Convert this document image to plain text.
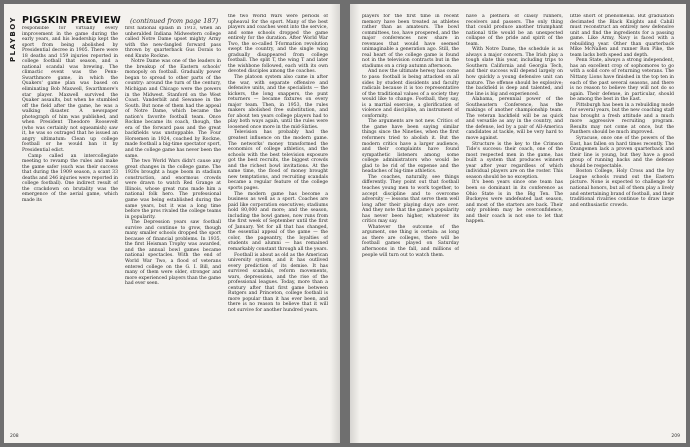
PLAYBOY PIGSKIN PREVIEW (continued from page 187)

responsible for virtually every improvement in the game during the early years, and his leadership kept the sport from being abolished by Presidential decree in 1905. There were 18 deaths and 159 injuries reported in college football that season, and a national scandal was brewing. The climactic event was the Penn-Swarthmore game, in which the Quakers' game plan was based on eliminating Bob Maxwell, Swarthmore's star player. Maxwell survived the Quaker assaults, but when he stumbled off the field after the game, he was a walking disaster. A newspaper photograph of him was published, and when President Theodore Roosevelt (who was certainly not squeamish) saw it, he was so outraged that he issued an angry ultimatum: Clean up college football or he would ban it by Presidential edict.

Camp called an intercollegiate meeting to revamp the rules and make the game safer (such was their success that during the 1909 season, a scant 33 deaths and 246 injuries were reported in college football). One indirect result of the crackdown on brutality was the emergence of the aerial game, which made its

first national splash in 1913, when an unheralded Indiana Midwestern college called Notre Dame upset mighty Army with the new-fangled forward pass thrown by quarterback Gus Dorais to end Knute Rockne.

Notre Dame was one of the leaders in the breakup of the Eastern schools' monopoly on football. Gradually power began to spread to other parts of the country: around the turn of the century, Michigan and Chicago were the powers in the Midwest. Stanford on the West Coast. Vanderbilt and Sewanee in the South. But none of them had the appeal of Notre Dame, which became the nation's favorite football team. Once Rockne became its coach, though, the era of the forward pass and the great backfields was unstoppable. The Four Horsemen in 1924, coached by Rockne, made football a big-time spectator sport, and the college game has never been the same.

The two World Wars didn't cause any great changes in the college game. The 1920s brought a huge boom in stadium construction, and enormous crowds were drawn to watch Red Grange at Illinois, whose great runs made him a national folk hero. The professional game was being established during the same years, but it was a long time before the pros rivaled the college teams in popularity.

The Depression years saw football survive and continue to grow, though many smaller schools dropped the sport because of financial problems. In 1935, the first Heisman Trophy was awarded, and the annual bowl games became national spectacles. With the end of World War Two, a flood of veterans entered college on the G. I. Bill, and many of them were older, stronger and more experienced players than the game had ever seen.

the two World Wars were periods of upheaval for the sport. Many of the best players and coaches went into the service, and some schools dropped the game entirely for the duration. After World War Two, the so-called T-formation revolution swept the country, and the single wing gradually disappeared from college football. The split T, the wing T and later the wishbone followed, each with its own devoted disciples among the coaches.

The platoon system also came in after the war, with separate offensive and defensive units, and the specialists — the kickers, the long snappers, the punt returners — became fixtures on every major team. Then, in 1953, the rules makers abolished free substitution, and for about ten years college players had to play both ways again, until the rules were loosened once more in the mid-Sixties.

Television has probably had the greatest influence on the modern game. The networks' money transformed the economics of college athletics, and the schools with the best television exposure got the best recruits, the biggest crowds and the richest bowl invitations. At the same time, the flood of money brought new temptations, and recruiting scandals became a regular feature of the college sports pages.

The modern game has become a business as well as a sport. Coaches are paid like corporation executives; stadiums hold 80,000 and more; and the season, including the bowl games, now runs from the first week of September until the first of January. Yet for all that has changed, the essential appeal of the game — the color, the pageantry, the loyalties of students and alumni — has remained remarkably constant through all the years.

Football is about as old as the American university system, and it has outlived every prediction of its demise. It has survived scandals, reform movements, wars, depressions, and the rise of the professional leagues. Today, more than a century after that first game between Rutgers and Princeton, college football is more popular than it has ever been, and there is no reason to believe that it will not survive for another hundred years.

208

players for the first time in recent memory have been treated as athletes rather than as amateurs. The bowl committees, too, have prospered, and the major conferences now share in revenues that would have seemed unimaginable a generation ago. Still, the real heart of the college game is found not in the television contracts but in the stadiums on a crisp autumn afternoon.

And now the ultimate heresy has come to pass: football is being attacked on all sides by student dissidents and faculty radicals because it is too representative of the traditional values of a society they would like to change. Football, they say, is a martial exercise, a glorification of violence and discipline, an instrument of conformity.

The arguments are not new. Critics of the game have been saying similar things since the Nineties, when the first reformers tried to abolish it. But the modern critics have a larger audience, and their complaints have found sympathetic listeners among some college administrators who would be glad to be rid of the expense and the headaches of big-time athletics.

The coaches, naturally, see things differently. They point out that football teaches young men to work together, to accept discipline and to overcome adversity — lessons that serve them well long after their playing days are over. And they note that the game's popularity has never been higher, whatever its critics may say.

Whatever the outcome of the argument, one thing is certain: as long as there are colleges, there will be football games played on Saturday afternoons in the fall, and millions of people will turn out to watch them.

have a plethora of classy runners, receivers and passers. The only thing that could produce another triumphant national title would be an unexpected collapse of the pride and spirit of the team.

With Notre Dame, the schedule is as always a major concern. The Irish play a tough slate this year, including trips to Southern California and Georgia Tech, and their success will depend largely on how quickly a young defensive unit can mature. The offense should be explosive; the backfield is deep and talented, and the line is big and experienced.

Alabama, perennial power of the Southeastern Conference, has the makings of another championship team. The veteran backfield will be as quick and versatile as any in the country, and the defense, led by a pair of All-America candidates at tackle, will be very hard to move against.

Structure is the key to the Crimson Tide's success: their coach, one of the most respected men in the game, has built a system that produces winners year after year regardless of which individual players are on the roster. This season should be no exception.

It's been years since one team has been so dominant in its conference as Ohio State is in the Big Ten. The Buckeyes were undefeated last season, and most of the starters are back. Their only problem may be overconfidence, and their coach is not one to let that happen.

little short of phenomenal. But graduation decimated the Black Knights and Cahill must reconstruct an entirely new defensive unit and find the ingredients for a passing game. Like Army, Navy is faced with a rebuilding year. Other than quarterback Mike McNallen and runner Ron Pike, the team lacks both speed and depth.

Penn State, always a strong independent, has an excellent crop of sophomores to go with a solid core of returning veterans. The Nittany Lions have finished in the top ten in each of the past several seasons, and there is no reason to believe they will not do so again. Their defense, in particular, should be among the best in the East.

Pittsburgh has been in a rebuilding mode for several years, but the new coaching staff has brought a fresh attitude and a much more aggressive recruiting program. Results may not come at once, but the Panthers should be much improved.

Syracuse, once one of the powers of the East, has fallen on hard times recently. The Orangemen lack a proven quarterback and their line is young, but they have a good group of running backs and the defense should be respectable.

Boston College, Holy Cross and the Ivy League schools round out the Eastern picture. None is expected to challenge for national honors, but all of them play a lively and entertaining brand of football, and their traditional rivalries continue to draw large and enthusiastic crowds.

209
